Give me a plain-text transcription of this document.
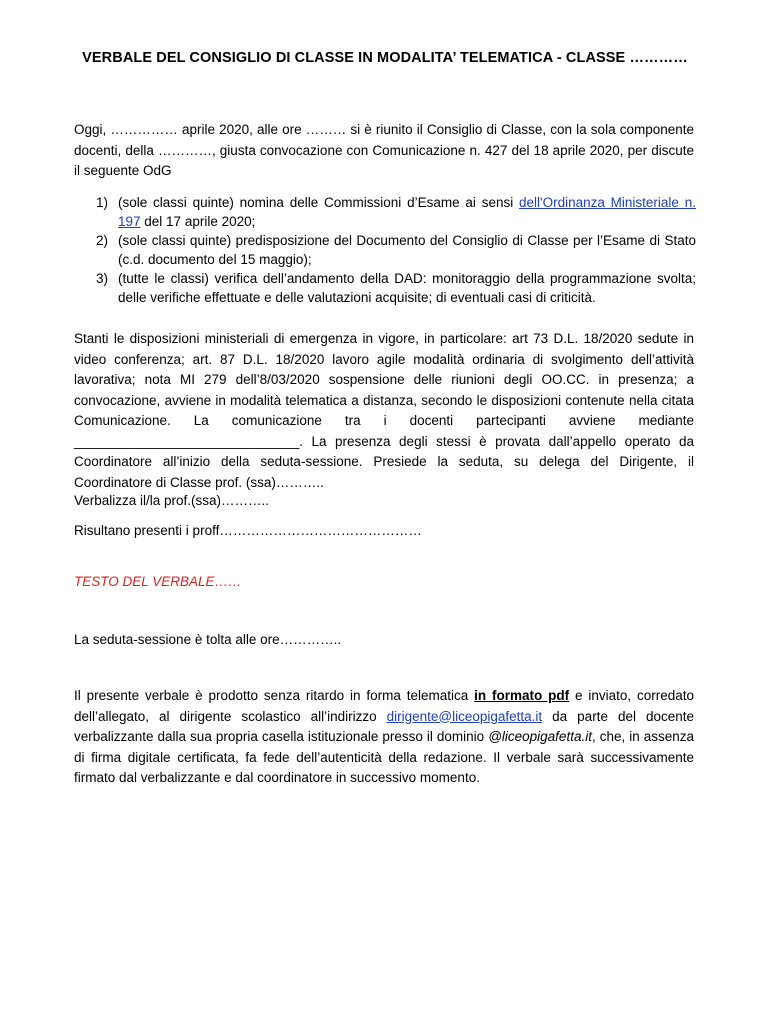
VERBALE DEL CONSIGLIO DI CLASSE IN MODALITA’ TELEMATICA - CLASSE …………
Oggi, …………… aprile 2020, alle ore ……… si è riunito il Consiglio di Classe, con la sola componente docenti, della …………, giusta convocazione con Comunicazione n. 427 del 18 aprile 2020, per discute il seguente OdG
1) (sole classi quinte) nomina delle Commissioni d’Esame ai sensi dell'Ordinanza Ministeriale n. 197 del 17 aprile 2020;
2) (sole classi quinte) predisposizione del Documento del Consiglio di Classe per l’Esame di Stato (c.d. documento del 15 maggio);
3) (tutte le classi) verifica dell’andamento della DAD: monitoraggio della programmazione svolta; delle verifiche effettuate e delle valutazioni acquisite; di eventuali casi di criticità.
Stanti le disposizioni ministeriali di emergenza in vigore, in particolare: art 73 D.L. 18/2020 sedute in video conferenza; art. 87 D.L. 18/2020 lavoro agile modalità ordinaria di svolgimento dell’attività lavorativa; nota MI 279 dell’8/03/2020 sospensione delle riunioni degli OO.CC. in presenza; a convocazione, avviene in modalità telematica a distanza, secondo le disposizioni contenute nella citata Comunicazione. La comunicazione tra i docenti partecipanti avviene mediante ______________________________. La presenza degli stessi è provata dall’appello operato da Coordinatore all’inizio della seduta-sessione. Presiede la seduta, su delega del Dirigente, il Coordinatore di Classe prof. (ssa)………..
Verbalizza il/la prof.(ssa)………..
Risultano presenti i proff………………………………………
TESTO DEL VERBALE……
La seduta-sessione è tolta alle ore…………..
Il presente verbale è prodotto senza ritardo in forma telematica in formato pdf e inviato, corredato dell’allegato, al dirigente scolastico all’indirizzo dirigente@liceopigafetta.it da parte del docente verbalizzante dalla sua propria casella istituzionale presso il dominio @liceopigafetta.it, che, in assenza di firma digitale certificata, fa fede dell’autenticità della redazione. Il verbale sarà successivamente firmato dal verbalizzante e dal coordinatore in successivo momento.
